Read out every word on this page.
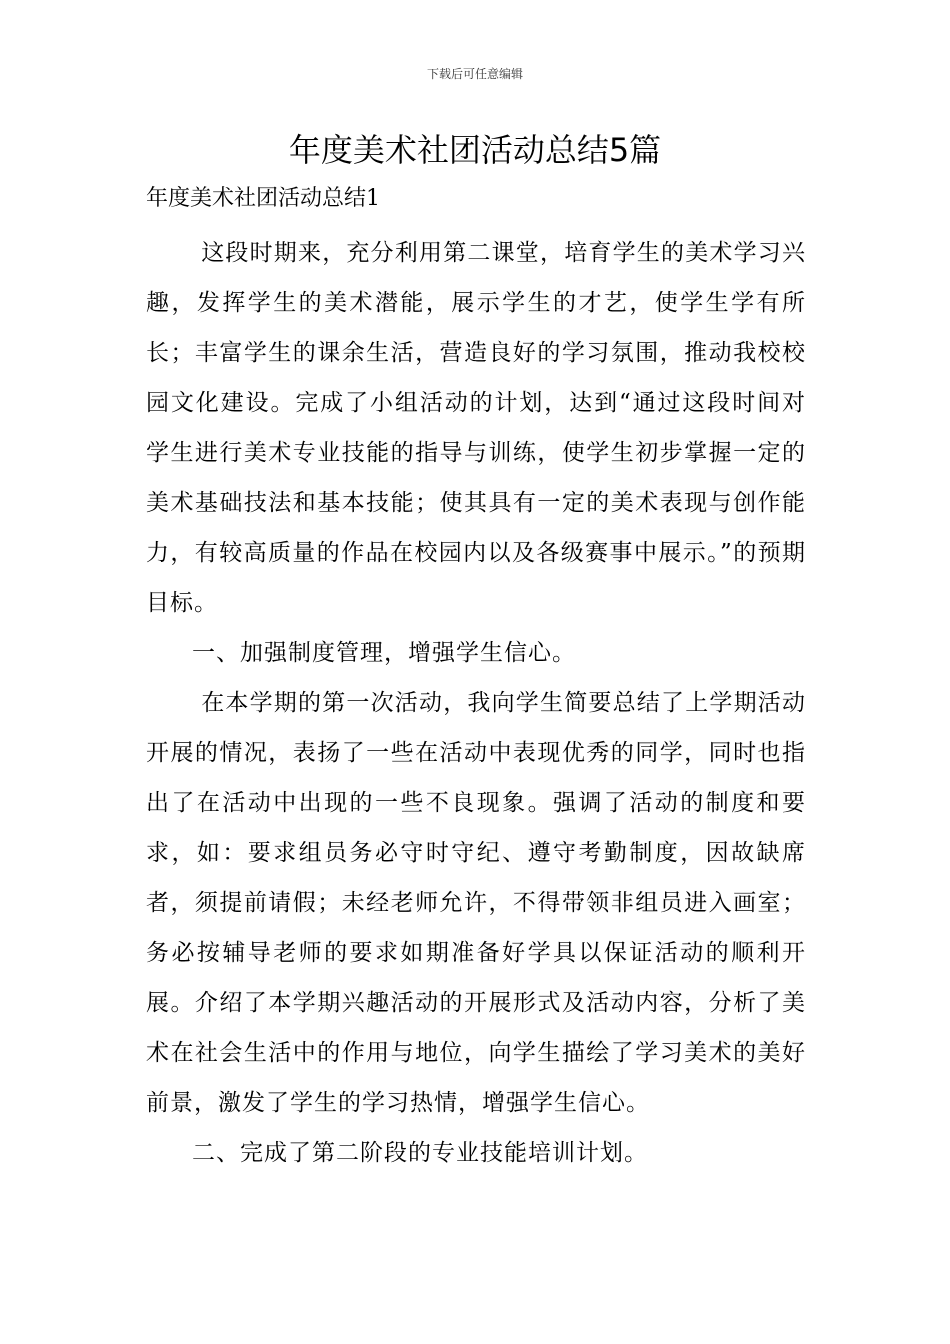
下载后可任意编辑
年度美术社团活动总结5篇
年度美术社团活动总结1

这段时期来，充分利用第二课堂，培育学生的美术学习兴趣，发挥学生的美术潜能，展示学生的才艺，使学生学有所长；丰富学生的课余生活，营造良好的学习氛围，推动我校校园文化建设。完成了小组活动的计划，达到“通过这段时间对学生进行美术专业技能的指导与训练，使学生初步掌握一定的美术基础技法和基本技能；使其具有一定的美术表现与创作能力，有较高质量的作品在校园内以及各级赛事中展示。”的预期目标。

一、加强制度管理，增强学生信心。

在本学期的第一次活动，我向学生简要总结了上学期活动开展的情况，表扬了一些在活动中表现优秀的同学，同时也指出了在活动中出现的一些不良现象。强调了活动的制度和要求，如：要求组员务必守时守纪、遵守考勤制度，因故缺席者，须提前请假；未经老师允许，不得带领非组员进入画室；务必按辅导老师的要求如期准备好学具以保证活动的顺利开展。介绍了本学期兴趣活动的开展形式及活动内容，分析了美术在社会生活中的作用与地位，向学生描绘了学习美术的美好前景，激发了学生的学习热情，增强学生信心。

二、完成了第二阶段的专业技能培训计划。
